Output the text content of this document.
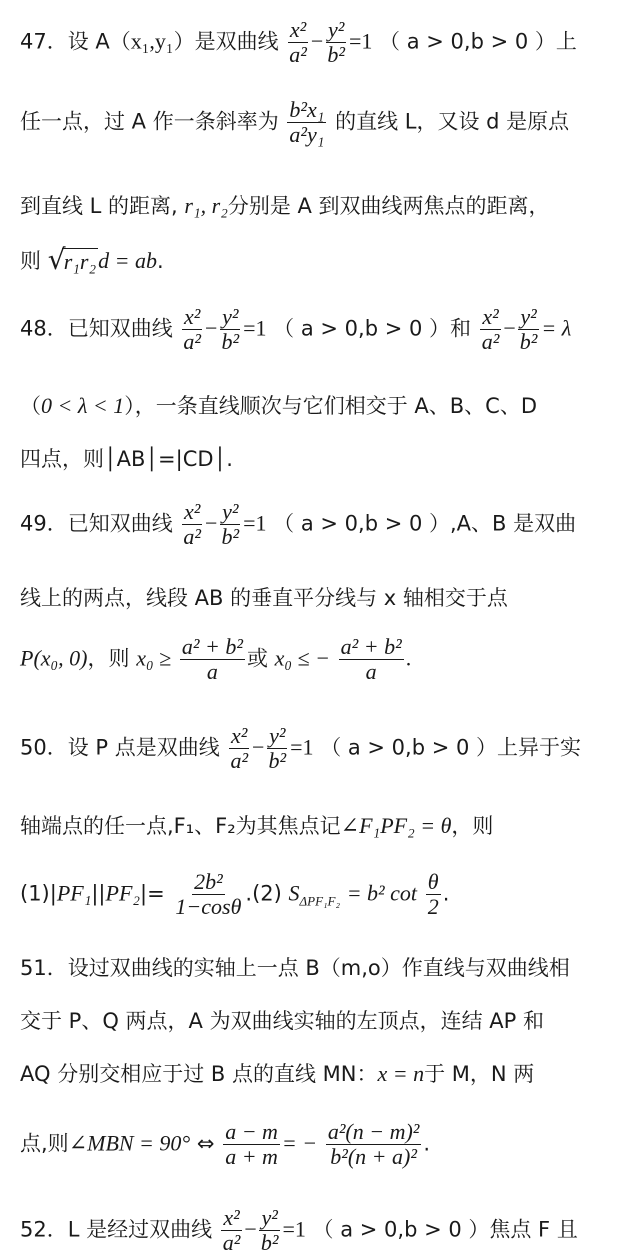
47．设 A（x₁,y₁）是双曲线 $\frac{\text{x²}}{\text{a²}} - \frac{\text{y²}}{\text{b²}} =1$ （ a > 0,b > 0 ）上
任一点，过 A 作一条斜率为 $\frac{\text{b²x₁}}{\text{a²y₁}}$ 的直线 L，又设 d 是原点
到直线 L 的距离, r₁, r₂分别是 A 到双曲线两焦点的距离，
则 √
r₁r₂d = ab.
48．已知双曲线 $\frac{\text{x²}}{\text{a²}} - \frac{\text{y²}}{\text{b²}} =1$ （ a > 0,b > 0 ）和 $\frac{\text{x²}}{\text{a²}} - \frac{\text{y²}}{\text{b²}} = \lambda$
（0 < λ < 1），一条直线顺次与它们相交于 A、B、C、D
四点，则│AB│=|CD│.
49．已知双曲线 $\frac{\text{x²}}{\text{a²}} - \frac{\text{y²}}{\text{b²}} =1$ （ a > 0,b > 0 ）,A、B 是双曲
线上的两点，线段 AB 的垂直平分线与 x 轴相交于点
P(x₀, 0)，则 $x_0 \ge \frac{\text{a² + b²}}{a}$ 或 x₀ ≤ − $\frac{\text{a² + b²}}{a}$ .
50．设 P 点是双曲线 $\frac{\text{x²}}{\text{a²}} - \frac{\text{y²}}{\text{b²}} =1$ （ a > 0,b > 0 ）上异于实
轴端点的任一点,F₁、F₂为其焦点记∠F₁PF₂ = θ，则
$(1)|PF_1||PF_2|= \frac{\text{2b²}}{1-\cos\theta} .(2) S_{\Delta PF_1F_2} = b^2$ $\cot \frac{\theta}{2}$ .
51．设过双曲线的实轴上一点 B（m,o）作直线与双曲线相
交于 P、Q 两点，A 为双曲线实轴的左顶点，连结 AP 和
AQ 分别交相应于过 B 点的直线 MN：x = n于 M，N 两
点,则∠MBN = 90° ⇔ $\frac{a - m}{a + m}$ = − $\frac{\text{a²(n − m)²}}{\text{b²(n + a)²}}$ .
52．L 是经过双曲线 $\frac{\text{x²}}{\text{a²}} - \frac{\text{y²}}{\text{b²}} =1$ （ a > 0,b > 0 ）焦点 F 且
